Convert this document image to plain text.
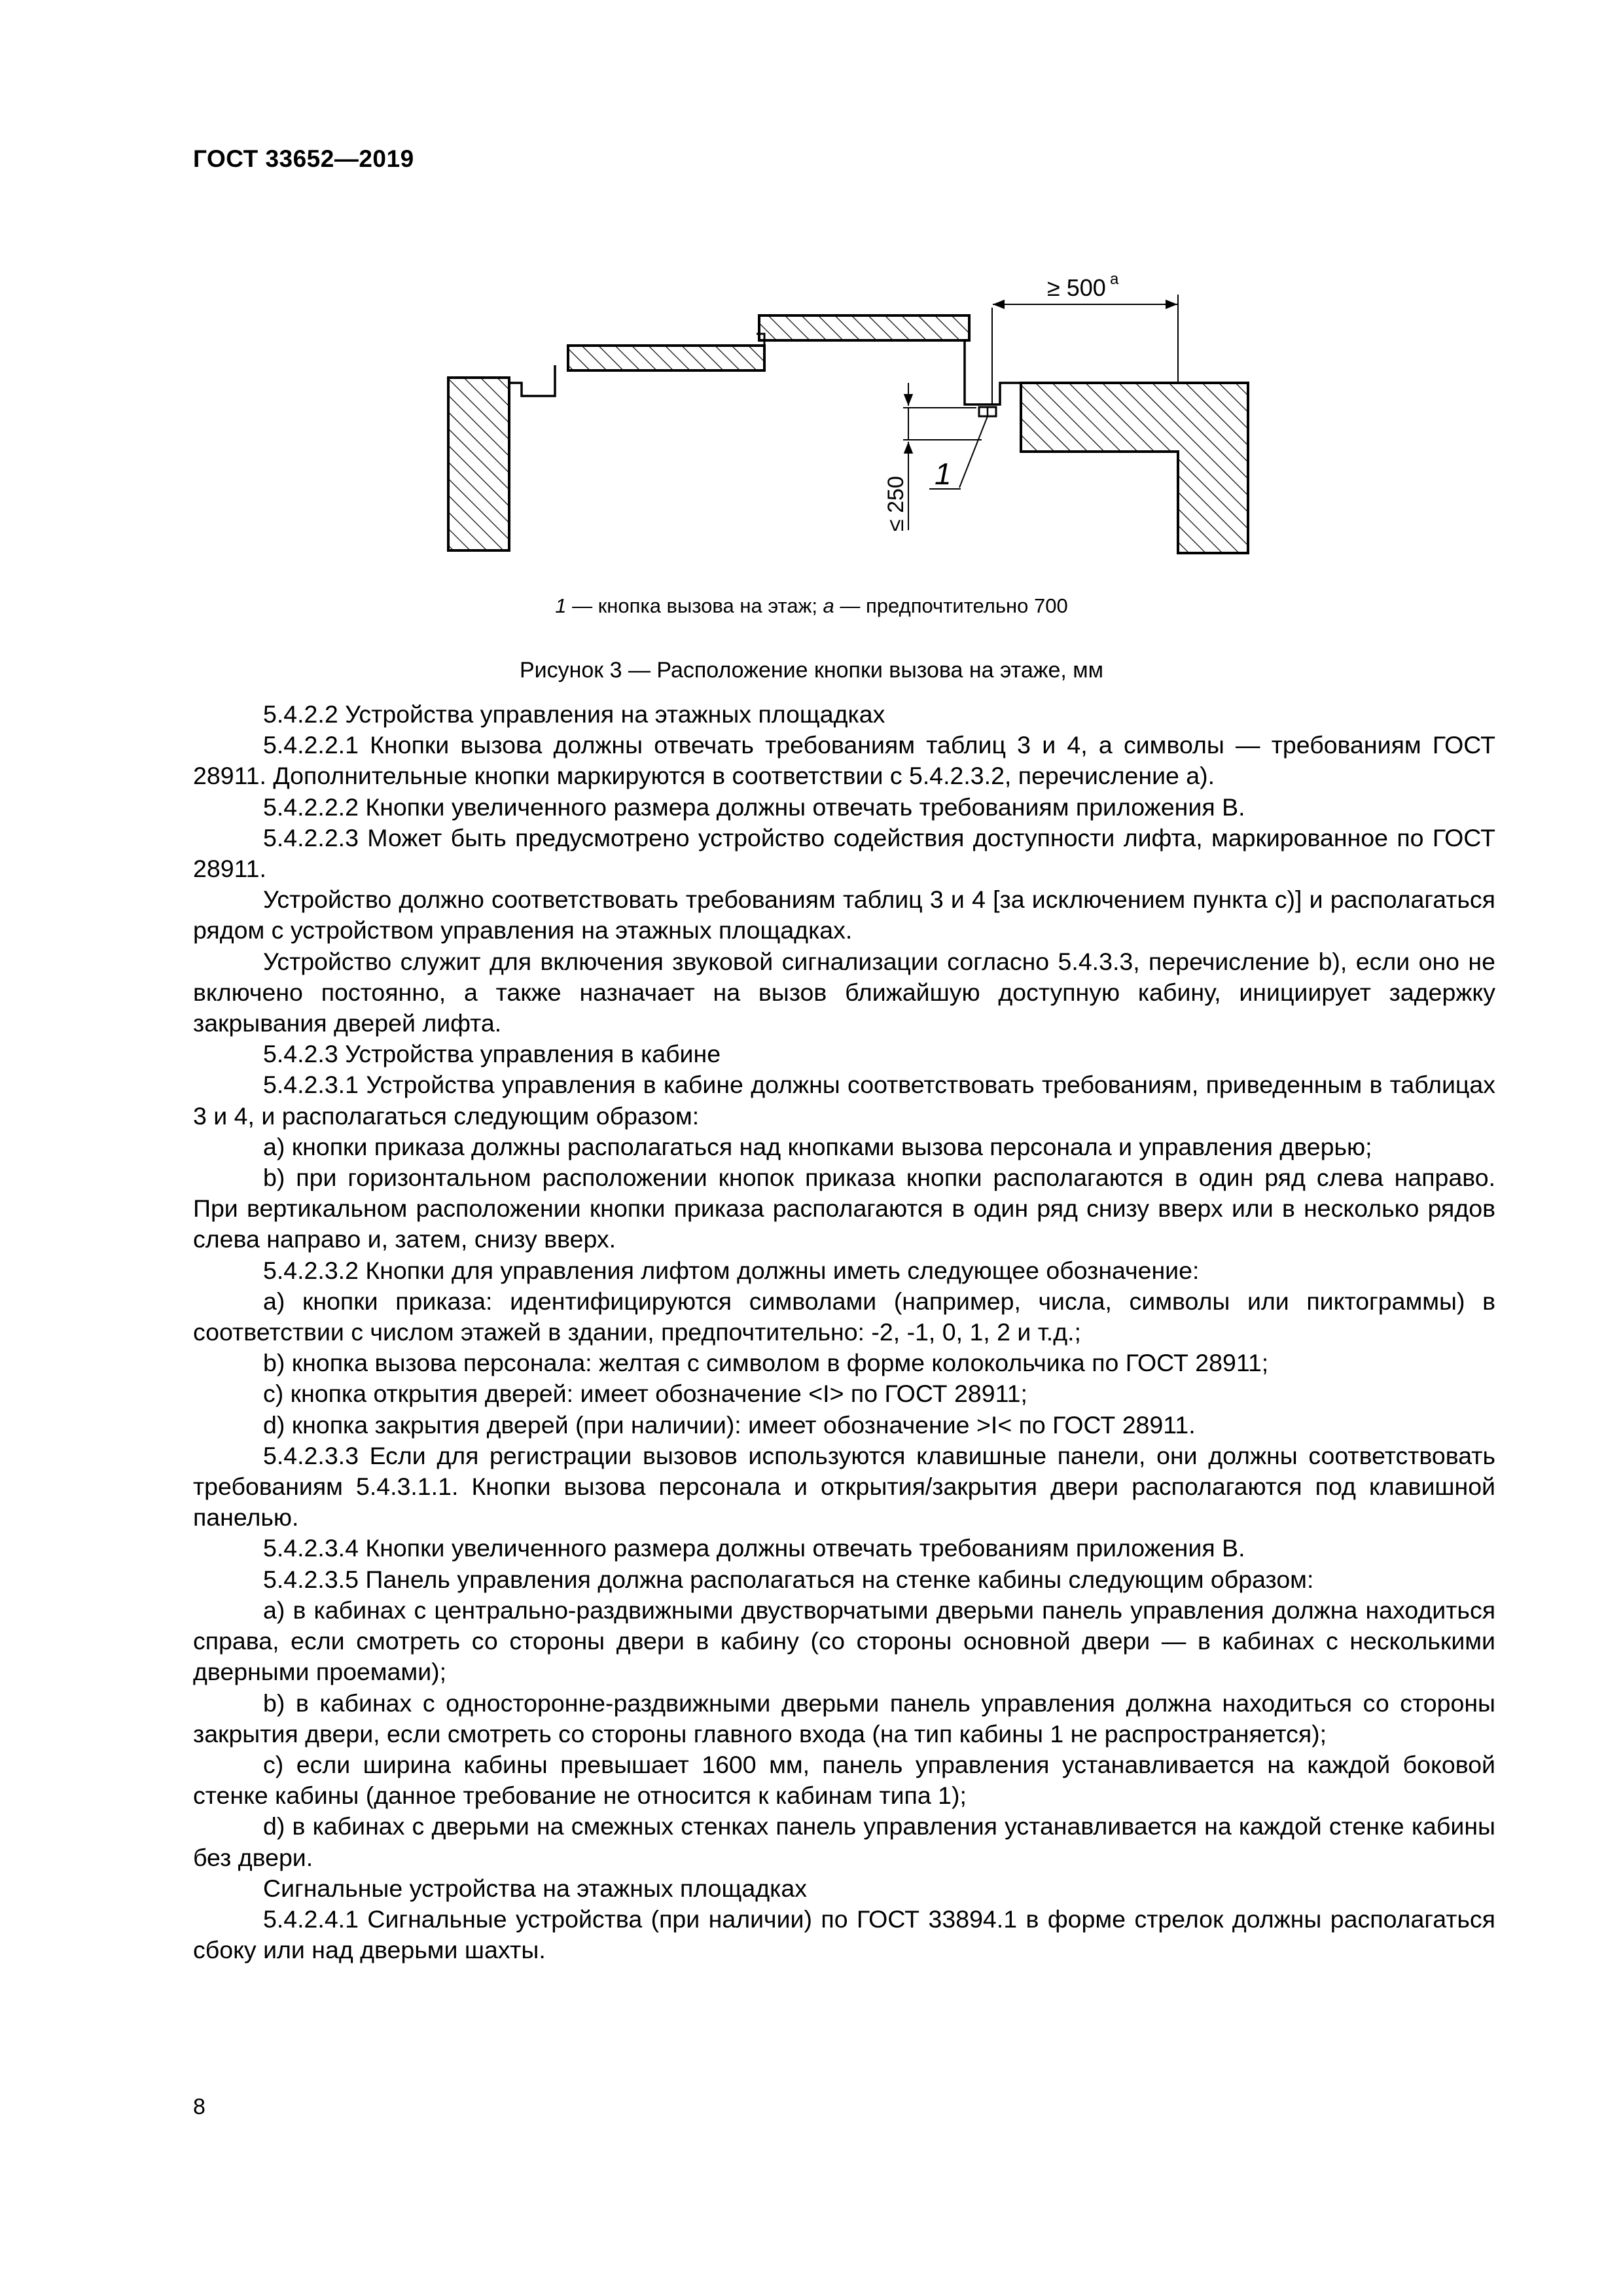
ГОСТ 33652—2019
≥ 500 a
≤ 250
1
1 — кнопка вызова на этаж; a — предпочтительно 700
Рисунок 3 — Расположение кнопки вызова на этаже, мм

5.4.2.2 Устройства управления на этажных площадках

5.4.2.2.1 Кнопки вызова должны отвечать требованиям таблиц 3 и 4, а символы — требованиям ГОСТ 28911. Дополнительные кнопки маркируются в соответствии с 5.4.2.3.2, перечисление a).

5.4.2.2.2 Кнопки увеличенного размера должны отвечать требованиям приложения В.

5.4.2.2.3 Может быть предусмотрено устройство содействия доступности лифта, маркированное по ГОСТ 28911.

Устройство должно соответствовать требованиям таблиц 3 и 4 [за исключением пункта c)] и располагаться рядом с устройством управления на этажных площадках.

Устройство служит для включения звуковой сигнализации согласно 5.4.3.3, перечисление b), если оно не включено постоянно, а также назначает на вызов ближайшую доступную кабину, инициирует задержку закрывания дверей лифта.

5.4.2.3 Устройства управления в кабине

5.4.2.3.1 Устройства управления в кабине должны соответствовать требованиям, приведенным в таблицах 3 и 4, и располагаться следующим образом:

a) кнопки приказа должны располагаться над кнопками вызова персонала и управления дверью;

b) при горизонтальном расположении кнопок приказа кнопки располагаются в один ряд слева направо. При вертикальном расположении кнопки приказа располагаются в один ряд снизу вверх или в несколько рядов слева направо и, затем, снизу вверх.

5.4.2.3.2 Кнопки для управления лифтом должны иметь следующее обозначение:

a) кнопки приказа: идентифицируются символами (например, числа, символы или пиктограммы) в соответствии с числом этажей в здании, предпочтительно: -2, -1, 0, 1, 2 и т.д.;

b) кнопка вызова персонала: желтая с символом в форме колокольчика по ГОСТ 28911;

c) кнопка открытия дверей: имеет обозначение <I> по ГОСТ 28911;

d) кнопка закрытия дверей (при наличии): имеет обозначение >I< по ГОСТ 28911.

5.4.2.3.3 Если для регистрации вызовов используются клавишные панели, они должны соответствовать требованиям 5.4.3.1.1. Кнопки вызова персонала и открытия/закрытия двери располагаются под клавишной панелью.

5.4.2.3.4 Кнопки увеличенного размера должны отвечать требованиям приложения В.

5.4.2.3.5 Панель управления должна располагаться на стенке кабины следующим образом:

a) в кабинах с центрально-раздвижными двустворчатыми дверьми панель управления должна находиться справа, если смотреть со стороны двери в кабину (со стороны основной двери — в кабинах с несколькими дверными проемами);

b) в кабинах с односторонне-раздвижными дверьми панель управления должна находиться со стороны закрытия двери, если смотреть со стороны главного входа (на тип кабины 1 не распространяется);

c) если ширина кабины превышает 1600 мм, панель управления устанавливается на каждой боковой стенке кабины (данное требование не относится к кабинам типа 1);

d) в кабинах с дверьми на смежных стенках панель управления устанавливается на каждой стенке кабины без двери.

Сигнальные устройства на этажных площадках

5.4.2.4.1 Сигнальные устройства (при наличии) по ГОСТ 33894.1 в форме стрелок должны располагаться сбоку или над дверьми шахты.

8
